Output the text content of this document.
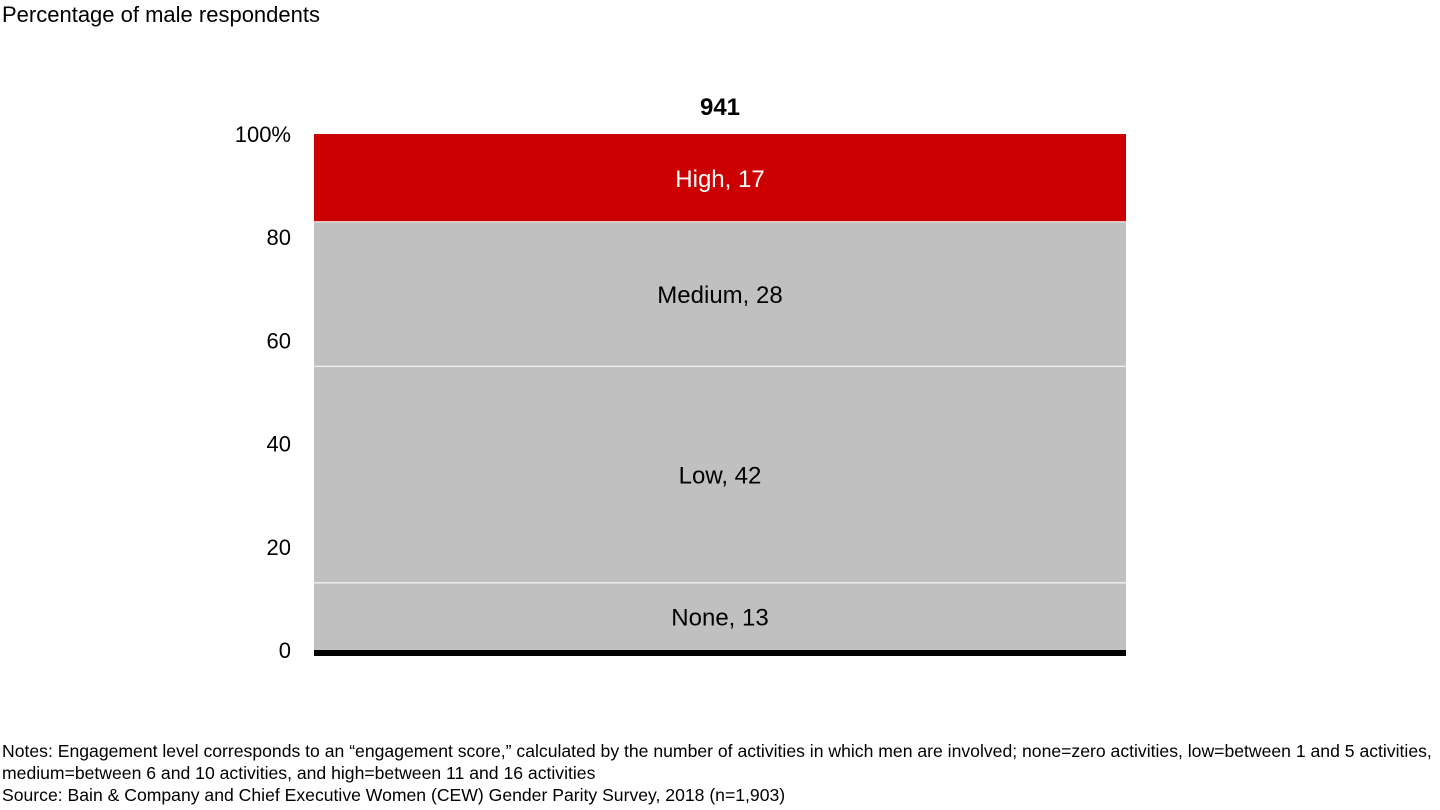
Percentage of male respondents
0
20
40
60
80
100%
None, 13
Low, 42
Medium, 28
High, 17
941
Notes: Engagement level corresponds to an “engagement score,” calculated by the number of activities in which men are involved; none=zero activities, low=between 1 and 5 activities, medium=between 6 and 10 activities, and high=between 11 and 16 activities
Source: Bain & Company and Chief Executive Women (CEW) Gender Parity Survey, 2018 (n=1,903)
